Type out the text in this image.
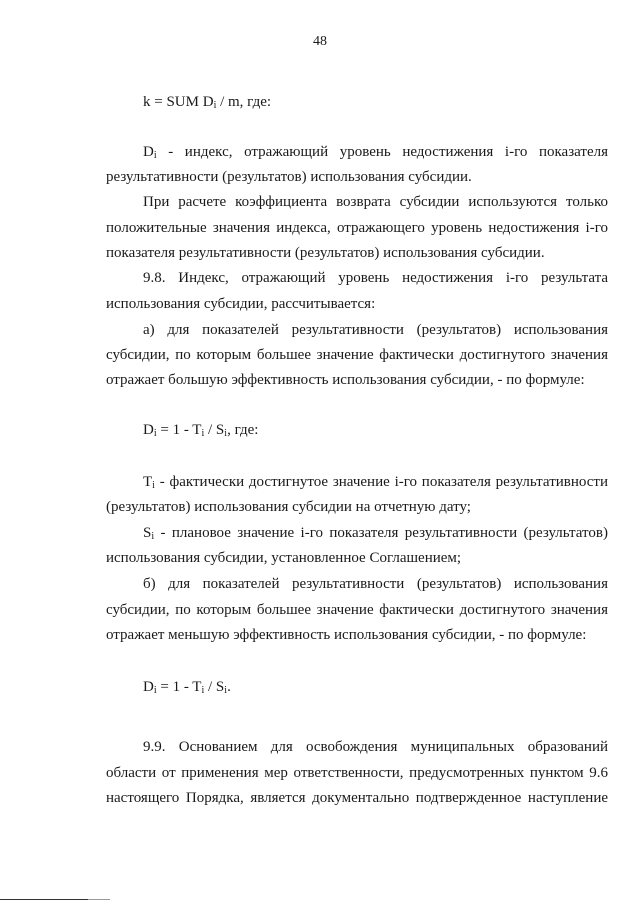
48
k = SUM $D_i$ / m, где:
$D_i$ - индекс, отражающий уровень недостижения i-го показателя
результативности (результатов) использования субсидии.
При расчете коэффициента возврата субсидии используются только
положительные значения индекса, отражающего уровень недостижения i-го
показателя результативности (результатов) использования субсидии.
9.8. Индекс, отражающий уровень недостижения i-го результата
использования субсидии, рассчитывается:
а) для показателей результативности (результатов) использования
субсидии, по которым большее значение фактически достигнутого значения
отражает большую эффективность использования субсидии, - по формуле:
$D_i = 1 - T_i / S_i$, где:
$T_i$ - фактически достигнутое значение i-го показателя результативности
(результатов) использования субсидии на отчетную дату;
$S_i$ - плановое значение i-го показателя результативности (результатов)
использования субсидии, установленное Соглашением;
б) для показателей результативности (результатов) использования
субсидии, по которым большее значение фактически достигнутого значения
отражает меньшую эффективность использования субсидии, - по формуле:
$D_i = 1 - T_i / S_i$.
9.9. Основанием для освобождения муниципальных образований
области от применения мер ответственности, предусмотренных пунктом 9.6
настоящего Порядка, является документально подтвержденное наступление
